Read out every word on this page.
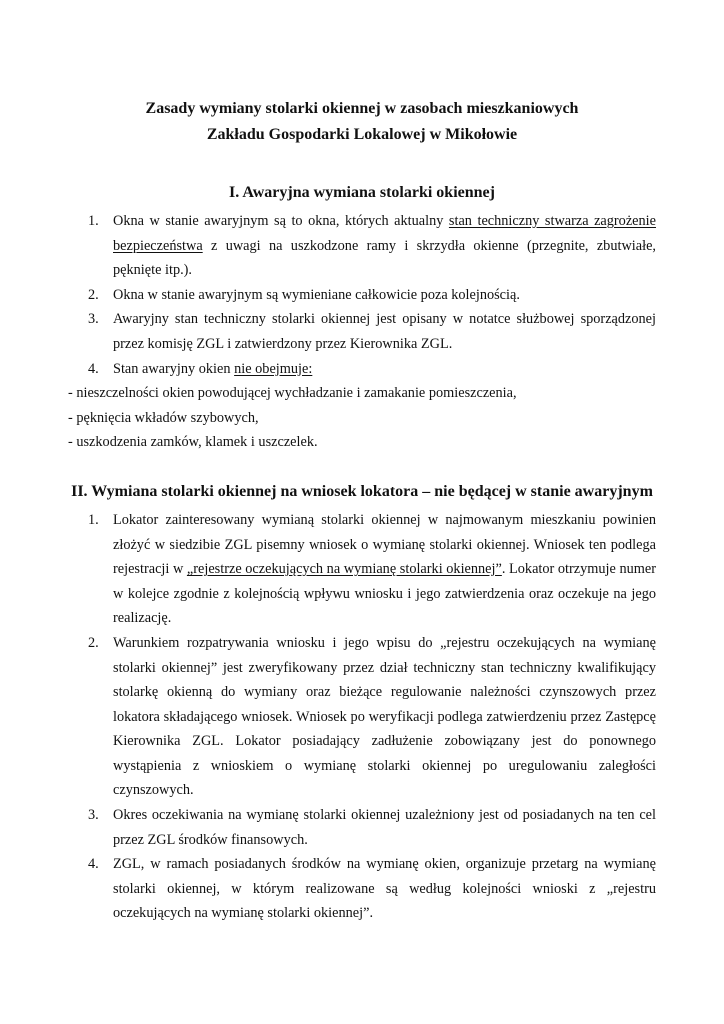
Zasady wymiany stolarki okiennej w zasobach mieszkaniowych

Zakładu Gospodarki Lokalowej w Mikołowie

I. Awaryjna wymiana stolarki okiennej

1. Okna w stanie awaryjnym są to okna, których aktualny stan techniczny stwarza zagrożenie bezpieczeństwa z uwagi na uszkodzone ramy i skrzydła okienne (przegnite, zbutwiałe, pęknięte itp.).
2. Okna w stanie awaryjnym są wymieniane całkowicie poza kolejnością.
3. Awaryjny stan techniczny stolarki okiennej jest opisany w notatce służbowej sporządzonej przez komisję ZGL i zatwierdzony przez Kierownika ZGL.
4. Stan awaryjny okien nie obejmuje:
- nieszczelności okien powodującej wychładzanie i zamakanie pomieszczenia,
- pęknięcia wkładów szybowych,
- uszkodzenia zamków, klamek i uszczelek.

II. Wymiana stolarki okiennej na wniosek lokatora – nie będącej w stanie awaryjnym

1. Lokator zainteresowany wymianą stolarki okiennej w najmowanym mieszkaniu powinien złożyć w siedzibie ZGL pisemny wniosek o wymianę stolarki okiennej. Wniosek ten podlega rejestracji w „rejestrze oczekujących na wymianę stolarki okiennej”. Lokator otrzymuje numer w kolejce zgodnie z kolejnością wpływu wniosku i jego zatwierdzenia oraz oczekuje na jego realizację.
2. Warunkiem rozpatrywania wniosku i jego wpisu do „rejestru oczekujących na wymianę stolarki okiennej” jest zweryfikowany przez dział techniczny stan techniczny kwalifikujący stolarkę okienną do wymiany oraz bieżące regulowanie należności czynszowych przez lokatora składającego wniosek. Wniosek po weryfikacji podlega zatwierdzeniu przez Zastępcę Kierownika ZGL. Lokator posiadający zadłużenie zobowiązany jest do ponownego wystąpienia z wnioskiem o wymianę stolarki okiennej po uregulowaniu zaległości czynszowych.
3. Okres oczekiwania na wymianę stolarki okiennej uzależniony jest od posiadanych na ten cel przez ZGL środków finansowych.
4. ZGL, w ramach posiadanych środków na wymianę okien, organizuje przetarg na wymianę stolarki okiennej, w którym realizowane są według kolejności wnioski z „rejestru oczekujących na wymianę stolarki okiennej”.
